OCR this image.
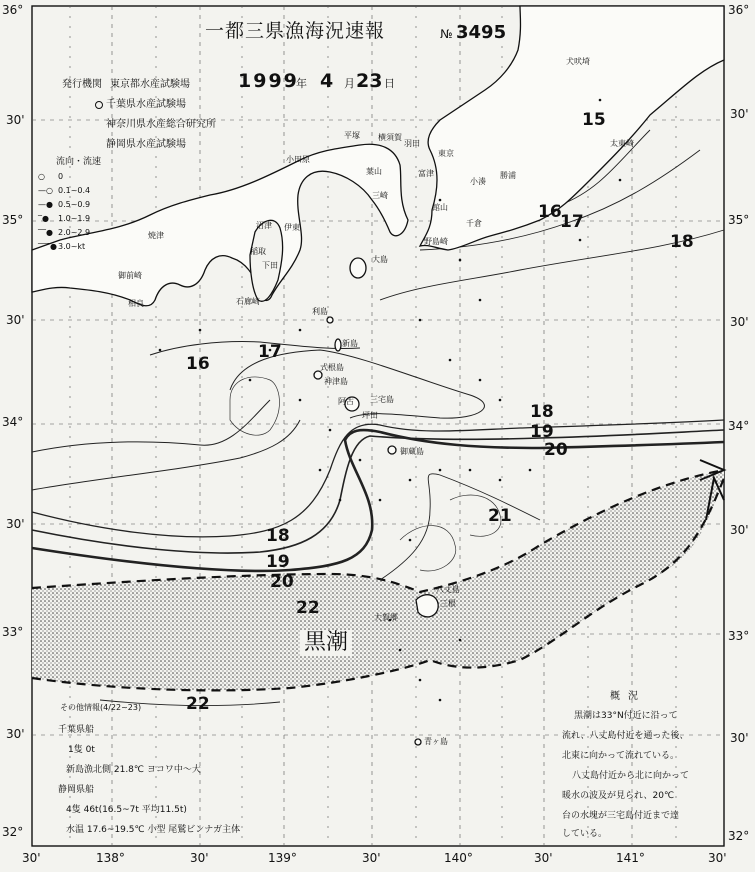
一都三県漁海況速報	№ 3495
1999
年 4 月 23 日
発行機関 東京都水産試験場
千葉県水産試験場
神奈川県水産総合研究所
静岡県水産試験場
流向・流速
○ 0
—○ 0.1~0.4
—● 0.5~0.9
‾● 1.0~1.9
‾‾● 2.0~2.9
‾‾‾●3.0~kt
36°
30'
35°
30'
34°
30'
33°
30'
32°
36°
30'
35°
30'
34°
30'
33°
30'
32°
30'	138°	30'	139°	30'	140°	30'	141°	30'
15
16
17
18
16
17
18
19
20
21
18
19
20
22
22
黒潮
犬吠埼
平塚 横須賀
小田原
羽田
東京
富津
葉山
三崎
太東崎
小湊
勝浦
館山
千倉
野島崎
焼津
沼津 伊東
稲取
下田
御前崎
相良	石廊崎
大島
利島
新島
式根島
神津島
三宅島
阿古
坪田
御蔵島
八丈島
三根
大賀郷
青ヶ島
その他情報(4/22~23)
千葉県船
1隻 0t
新島漁北側 21.8℃ ヨコワ中～大
静岡県船
4隻 46t(16.5~7t 平均11.5t)
水温 17.6~19.5℃ 小型 尾鷲ビンナガ主体
概況
黒潮は33°N付近に沿って
流れ、八丈島付近を通った後、
北東に向かって流れている。
八丈島付近から北に向かって
暖水の波及が見られ、20℃
台の水塊が三宅島付近まで達
している。
